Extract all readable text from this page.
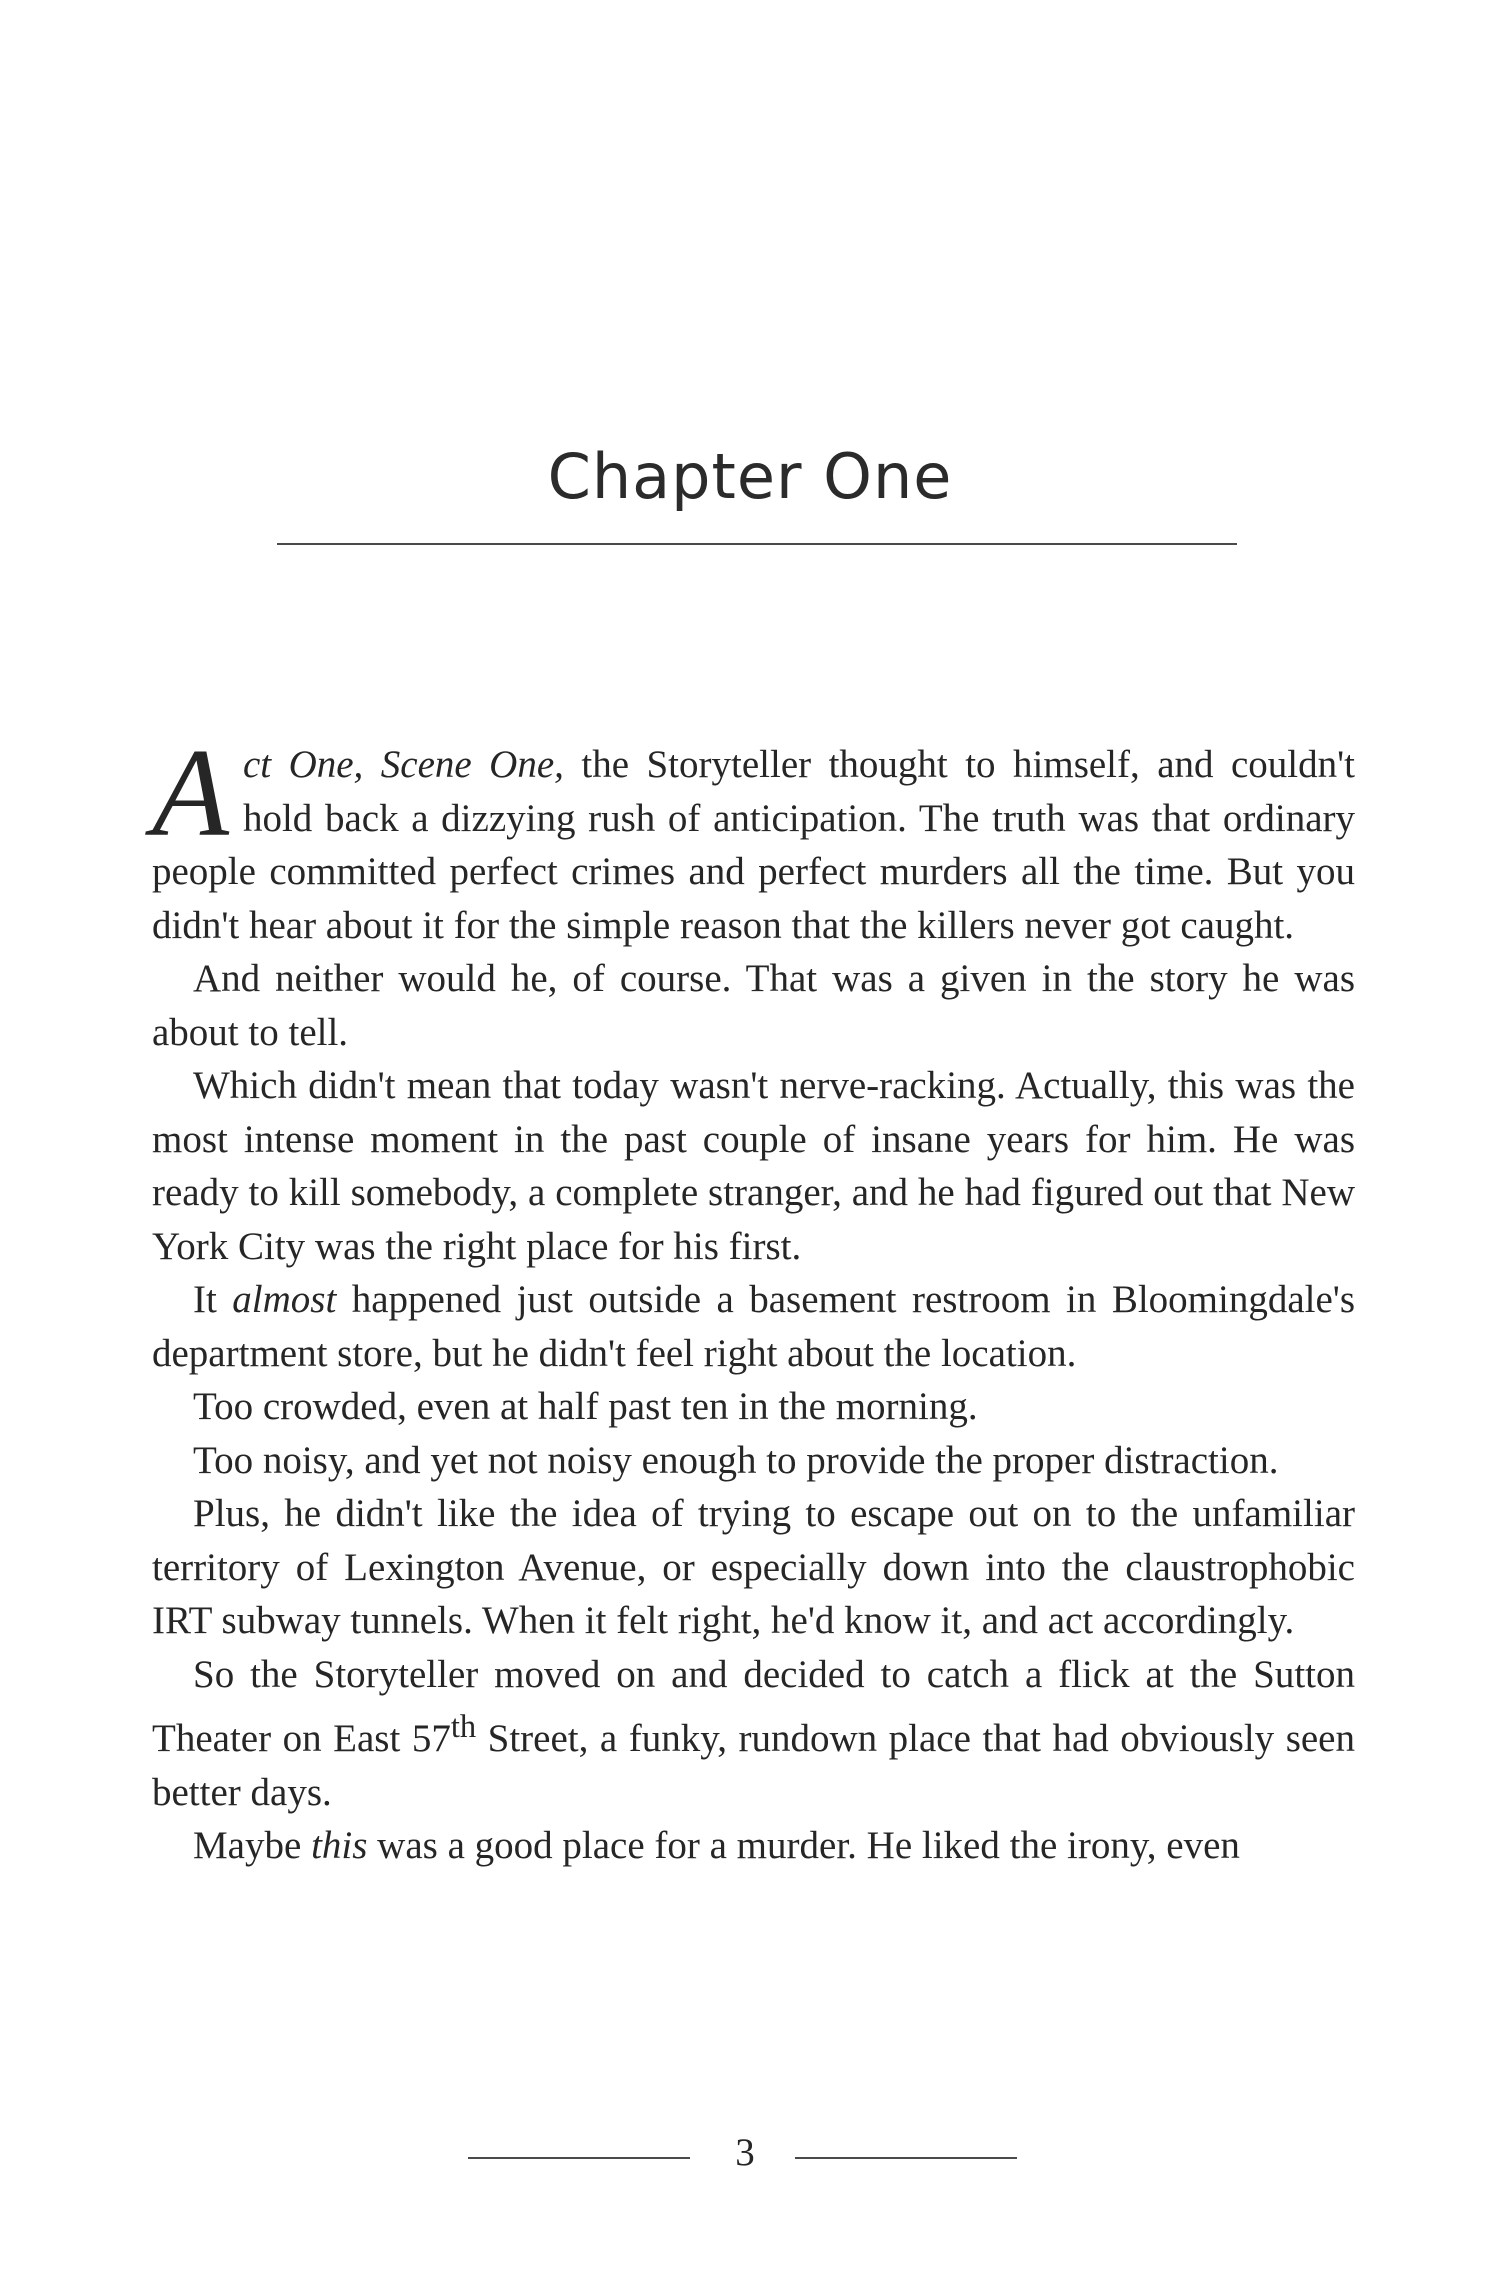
Chapter One

Act One, Scene One, the Storyteller thought to himself, and couldn't hold back a dizzying rush of anticipation. The truth was that ordinary people committed perfect crimes and perfect murders all the time. But you didn't hear about it for the simple reason that the killers never got caught.

And neither would he, of course. That was a given in the story he was about to tell.

Which didn't mean that today wasn't nerve-racking. Actually, this was the most intense moment in the past couple of insane years for him. He was ready to kill somebody, a complete stranger, and he had figured out that New York City was the right place for his first.

It almost happened just outside a basement restroom in Bloomingdale's department store, but he didn't feel right about the location.

Too crowded, even at half past ten in the morning.

Too noisy, and yet not noisy enough to provide the proper distraction.

Plus, he didn't like the idea of trying to escape out on to the unfamiliar territory of Lexington Avenue, or especially down into the claustrophobic IRT subway tunnels. When it felt right, he'd know it, and act accordingly.

So the Storyteller moved on and decided to catch a flick at the Sutton Theater on East 57th Street, a funky, rundown place that had obviously seen better days.

Maybe this was a good place for a murder. He liked the irony, even

3
